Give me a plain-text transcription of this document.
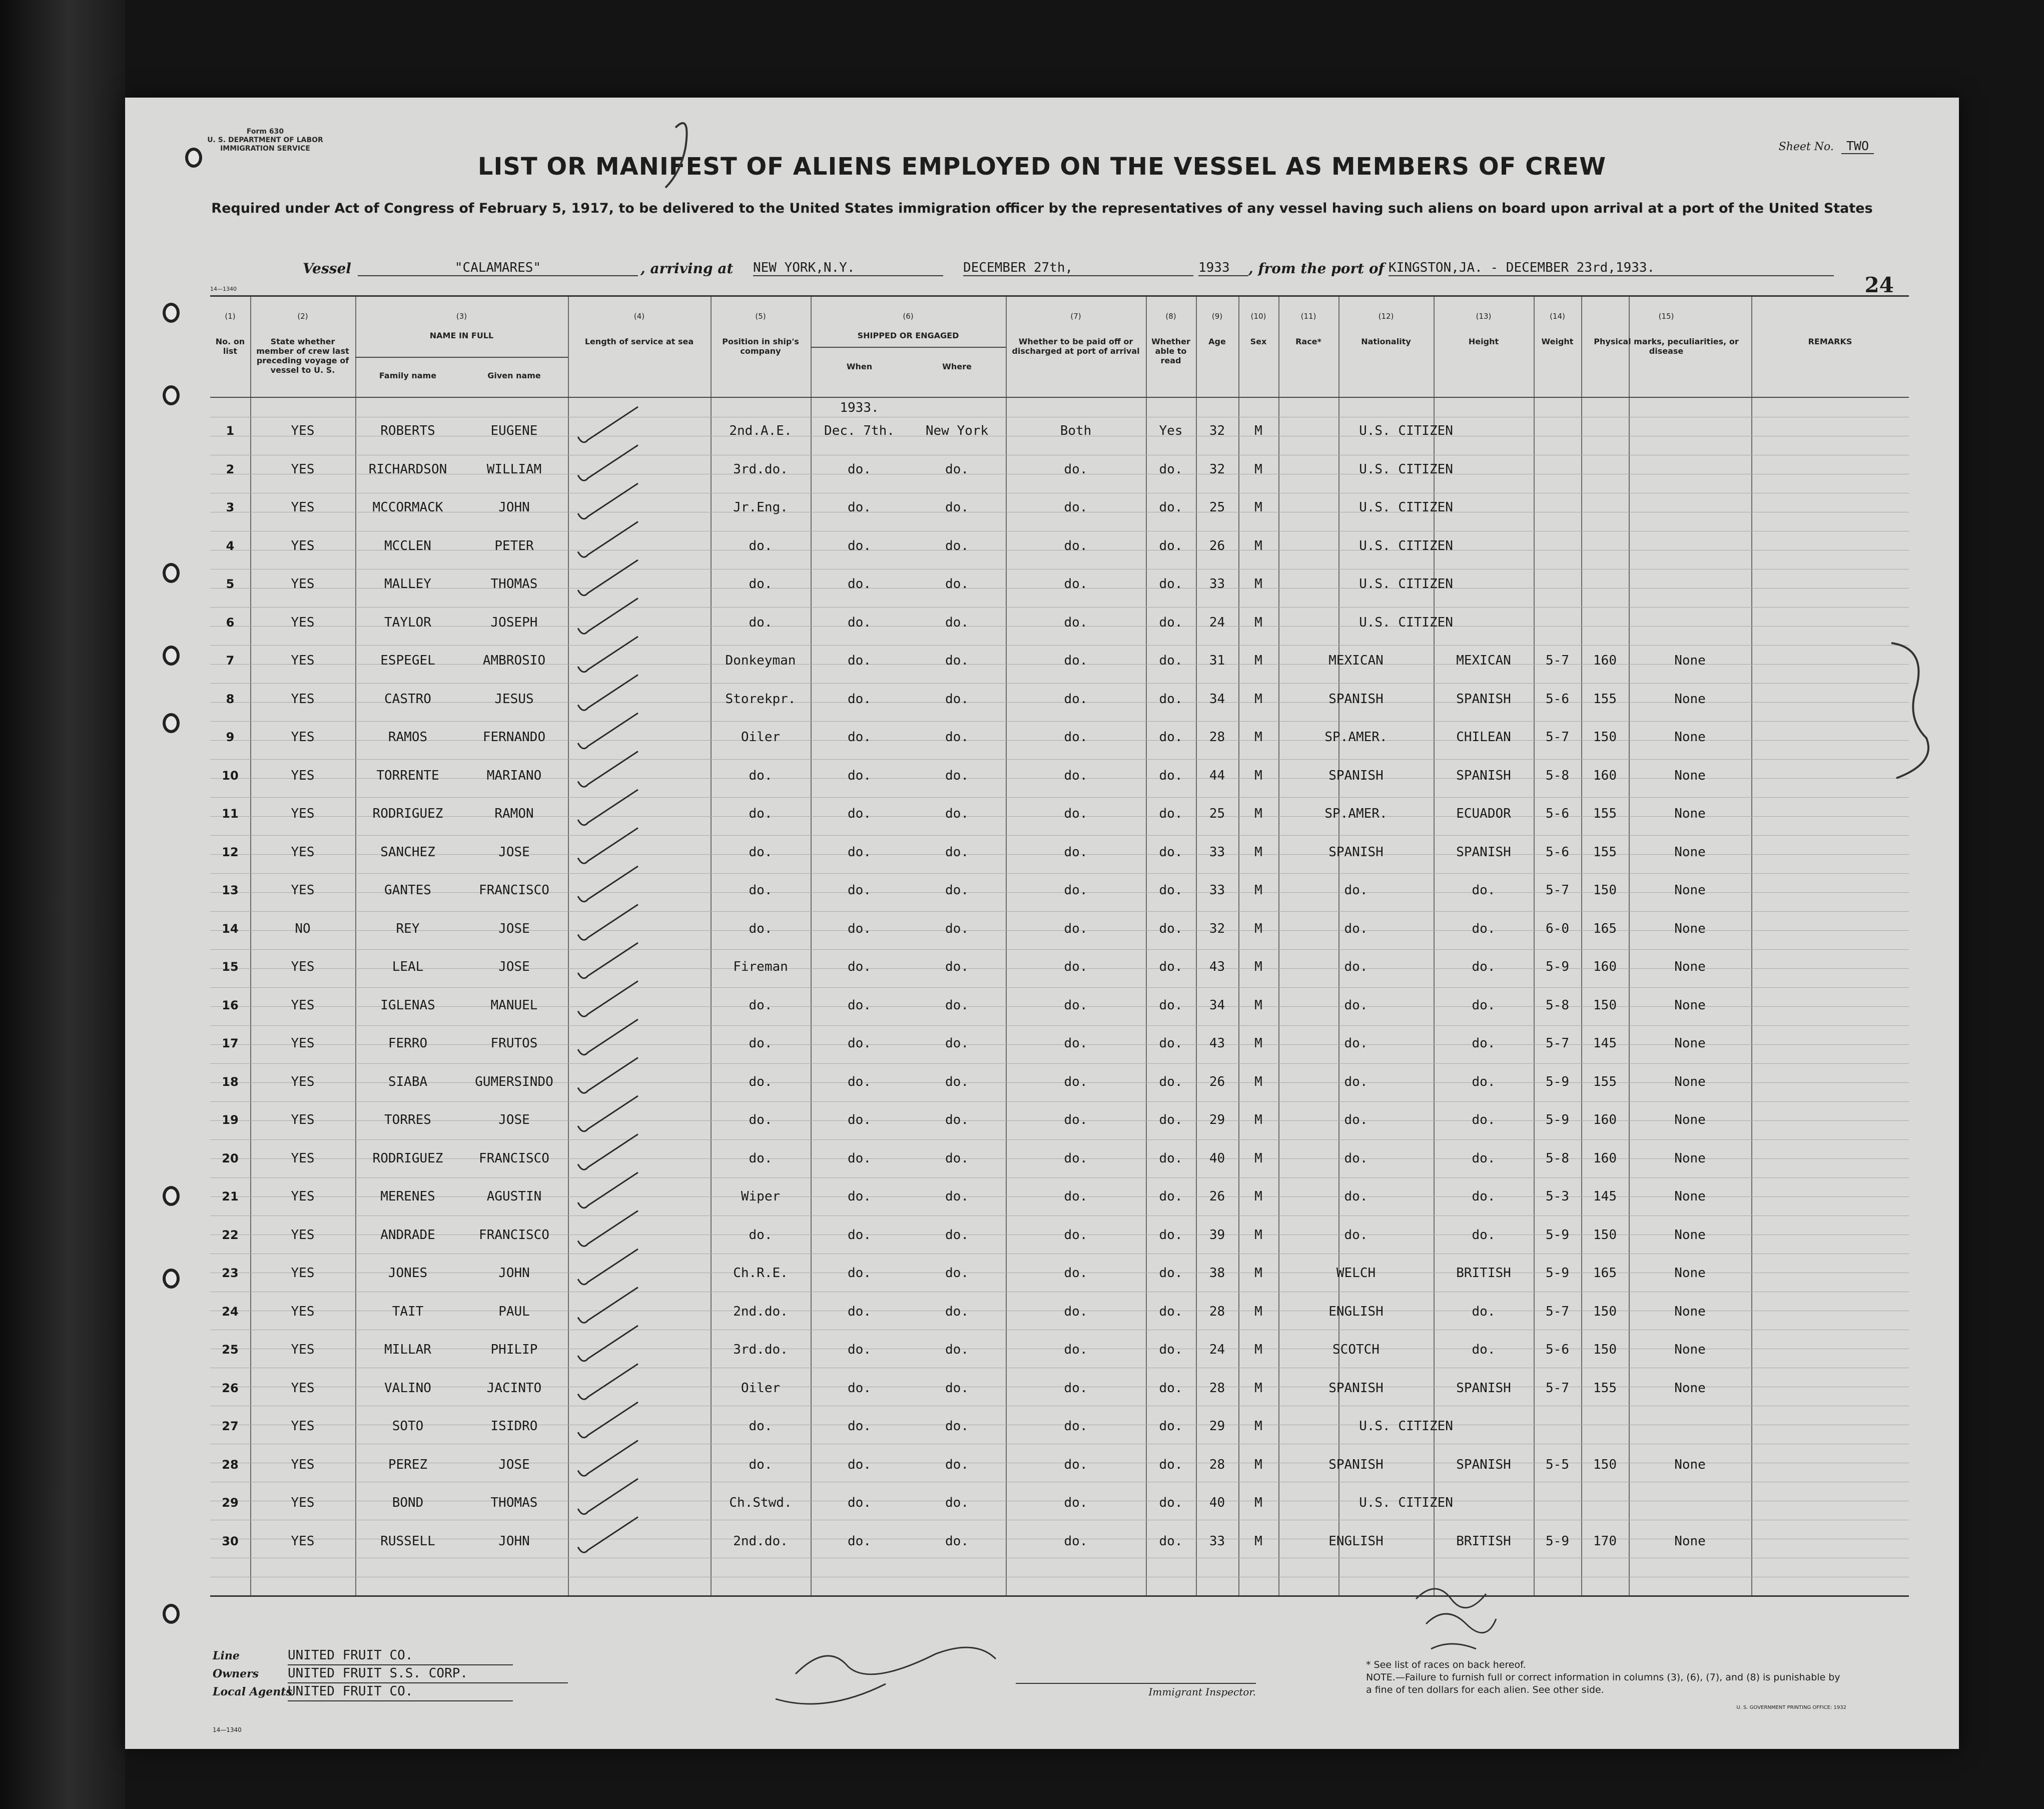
Form 630
U. S. DEPARTMENT OF LABOR
IMMIGRATION SERVICE	Sheet No. TWO
LIST OR MANIFEST OF ALIENS EMPLOYED ON THE VESSEL AS MEMBERS OF CREW
Required under Act of Congress of February 5, 1917, to be delivered to the United States immigration officer by the representatives of any vessel having such aliens on board upon arrival at a port of the United States
Vessel	"CALAMARES"	, arriving at NEW YORK,N.Y.	DECEMBER 27th,	1933	, from the port of KINGSTON,JA. - DECEMBER 23rd,1933.
24
14—1340
(1)
No. on list
(2)
State whether member of crew last preceding voyage of vessel to U. S.
(3)
NAME IN FULL
(4)
Length of service at sea
(5)
Position in ship's company
(6)
SHIPPED OR ENGAGED
(7)
Whether to be paid off or discharged at port of arrival
(8)
Whether able to read
(9)
Age
(10)
Sex
(11)
Race*
(12)
Nationality
(13)
Height
(14)
Weight
(15)
Physical marks, peculiarities, or disease
REMARKS
Family name	Given name
When	Where
1933.
1	YES	ROBERTS	EUGENE	2nd.A.E.	Dec. 7th.	New York	Both	Yes	32	M	U.S. CITIZEN
2	YES	RICHARDSON	WILLIAM	3rd.do.	do.	do.	do.	do.	32	M	U.S. CITIZEN
3	YES	MCCORMACK	JOHN	Jr.Eng.	do.	do.	do.	do.	25	M	U.S. CITIZEN
4	YES	MCCLEN	PETER	do.	do.	do.	do.	do.	26	M	U.S. CITIZEN
5	YES	MALLEY	THOMAS	do.	do.	do.	do.	do.	33	M	U.S. CITIZEN
6	YES	TAYLOR	JOSEPH	do.	do.	do.	do.	do.	24	M	U.S. CITIZEN
7	YES	ESPEGEL	AMBROSIO	Donkeyman	do.	do.	do.	do.	31	M	MEXICAN	MEXICAN	5-7	160	None
8	YES	CASTRO	JESUS	Storekpr.	do.	do.	do.	do.	34	M	SPANISH	SPANISH	5-6	155	None
9	YES	RAMOS	FERNANDO	Oiler	do.	do.	do.	do.	28	M	SP.AMER.	CHILEAN	5-7	150	None
10	YES	TORRENTE	MARIANO	do.	do.	do.	do.	do.	44	M	SPANISH	SPANISH	5-8	160	None
11	YES	RODRIGUEZ	RAMON	do.	do.	do.	do.	do.	25	M	SP.AMER.	ECUADOR	5-6	155	None
12	YES	SANCHEZ	JOSE	do.	do.	do.	do.	do.	33	M	SPANISH	SPANISH	5-6	155	None
13	YES	GANTES	FRANCISCO	do.	do.	do.	do.	do.	33	M	do.	do.	5-7	150	None
14	NO	REY	JOSE	do.	do.	do.	do.	do.	32	M	do.	do.	6-0	165	None
15	YES	LEAL	JOSE	Fireman	do.	do.	do.	do.	43	M	do.	do.	5-9	160	None
16	YES	IGLENAS	MANUEL	do.	do.	do.	do.	do.	34	M	do.	do.	5-8	150	None
17	YES	FERRO	FRUTOS	do.	do.	do.	do.	do.	43	M	do.	do.	5-7	145	None
18	YES	SIABA	GUMERSINDO	do.	do.	do.	do.	do.	26	M	do.	do.	5-9	155	None
19	YES	TORRES	JOSE	do.	do.	do.	do.	do.	29	M	do.	do.	5-9	160	None
20	YES	RODRIGUEZ	FRANCISCO	do.	do.	do.	do.	do.	40	M	do.	do.	5-8	160	None
21	YES	MERENES	AGUSTIN	Wiper	do.	do.	do.	do.	26	M	do.	do.	5-3	145	None
22	YES	ANDRADE	FRANCISCO	do.	do.	do.	do.	do.	39	M	do.	do.	5-9	150	None
23	YES	JONES	JOHN	Ch.R.E.	do.	do.	do.	do.	38	M	WELCH	BRITISH	5-9	165	None
24	YES	TAIT	PAUL	2nd.do.	do.	do.	do.	do.	28	M	ENGLISH	do.	5-7	150	None
25	YES	MILLAR	PHILIP	3rd.do.	do.	do.	do.	do.	24	M	SCOTCH	do.	5-6	150	None
26	YES	VALINO	JACINTO	Oiler	do.	do.	do.	do.	28	M	SPANISH	SPANISH	5-7	155	None
27	YES	SOTO	ISIDRO	do.	do.	do.	do.	do.	29	M	U.S. CITIZEN
28	YES	PEREZ	JOSE	do.	do.	do.	do.	do.	28	M	SPANISH	SPANISH	5-5	150	None
29	YES	BOND	THOMAS	Ch.Stwd.	do.	do.	do.	do.	40	M	U.S. CITIZEN
30	YES	RUSSELL	JOHN	2nd.do.	do.	do.	do.	do.	33	M	ENGLISH	BRITISH	5-9	170	None
Line	UNITED FRUIT CO.
Owners UNITED FRUIT S.S. CORP.
Local AgentsUNITED FRUIT CO.
14—1340
Immigrant Inspector.
* See list of races on back hereof.
NOTE.—Failure to furnish full or correct information in columns (3), (6), (7), and (8) is punishable by a fine of ten dollars for each alien. See other side.
U. S. GOVERNMENT PRINTING OFFICE: 1932
